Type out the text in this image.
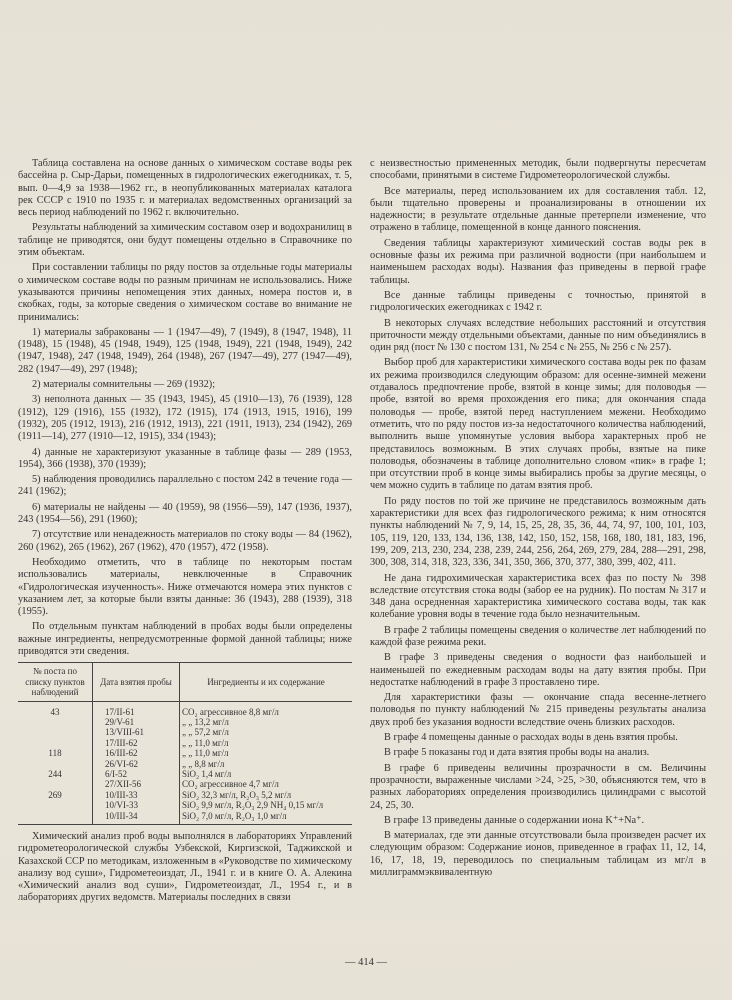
Таблица составлена на основе данных о химическом составе воды рек бассейна р. Сыр-Дарьи, помещенных в гидрологических ежегодниках, т. 5, вып. 0—4,9 за 1938—1962 гг., в неопубликованных материалах каталога рек СССР с 1910 по 1935 г. и материалах ведомственных организаций за весь период наблюдений по 1962 г. включительно.

Результаты наблюдений за химическим составом озер и водохранилищ в таблице не приводятся, они будут помещены отдельно в Справочнике по этим объектам.

При составлении таблицы по ряду постов за отдельные годы материалы о химическом составе воды по разным причинам не использовались. Ниже указываются причины непомещения этих данных, номера постов и, в скобках, годы, за которые сведения о химическом составе во внимание не принимались:

1) материалы забракованы — 1 (1947—49), 7 (1949), 8 (1947, 1948), 11 (1948), 15 (1948), 45 (1948, 1949), 125 (1948, 1949), 221 (1948, 1949), 242 (1947, 1948), 247 (1948, 1949), 264 (1948), 267 (1947—49), 277 (1947—49), 282 (1947—49), 297 (1948);

2) материалы сомнительны — 269 (1932);

3) неполнота данных — 35 (1943, 1945), 45 (1910—13), 76 (1939), 128 (1912), 129 (1916), 155 (1932), 172 (1915), 174 (1913, 1915, 1916), 199 (1932), 205 (1912, 1913), 216 (1912, 1913), 221 (1911, 1913), 234 (1942), 269 (1911—14), 277 (1910—12, 1915), 334 (1943);

4) данные не характеризуют указанные в таблице фазы — 289 (1953, 1954), 366 (1938), 370 (1939);

5) наблюдения проводились параллельно с постом 242 в течение года — 241 (1962);

6) материалы не найдены — 40 (1959), 98 (1956—59), 147 (1936, 1937), 243 (1954—56), 291 (1960);

7) отсутствие или ненадежность материалов по стоку воды — 84 (1962), 260 (1962), 265 (1962), 267 (1962), 470 (1957), 472 (1958).

Необходимо отметить, что в таблице по некоторым постам использовались материалы, невключенные в Справочник «Гидрологическая изученность». Ниже отмечаются номера этих пунктов с указанием лет, за которые были взяты данные: 36 (1943), 288 (1939), 318 (1955).

По отдельным пунктам наблюдений в пробах воды были определены важные ингредиенты, непредусмотренные формой данной таблицы; ниже приводятся эти сведения.

№ поста по списку пунктов наблюдений	Дата взятия пробы	Ингредиенты и их содержание
43	17/II-61	CO₂ агрессивное 8,8 мг/л
	29/V-61	„ „ 13,2 мг/л
	13/VIII-61	„ „ 57,2 мг/л
	17/III-62	„ „ 11,0 мг/л
118	16/III-62	„ „ 11,0 мг/л
	26/VI-62	„ „ 8,8 мг/л
244	6/I-52	SiO₂ 1,4 мг/л
	27/XII-56	CO₂ агрессивное 4,7 мг/л
269	10/III-33	SiO₂ 32,3 мг/л, R₂O₃ 5,2 мг/л
	10/VI-33	SiO₂ 9,9 мг/л, R₂O₃ 2,9 NH₄ 0,15 мг/л
	10/III-34	SiO₂ 7,0 мг/л, R₂O₃ 1,0 мг/л

Химический анализ проб воды выполнялся в лабораториях Управлений гидрометеорологической службы Узбекской, Киргизской, Таджикской и Казахской ССР по методикам, изложенным в «Руководстве по химическому анализу вод суши», Гидрометеоиздат, Л., 1941 г. и в книге О. А. Алекина «Химический анализ вод суши», Гидрометеоиздат, Л., 1954 г., и в лабораториях других ведомств. Материалы последних в связи

с неизвестностью примененных методик, были подвергнуты пересчетам способами, принятыми в системе Гидрометеорологической службы.

Все материалы, перед использованием их для составления табл. 12, были тщательно проверены и проанализированы в отношении их надежности; в результате отдельные данные претерпели изменение, что отражено в таблице, помещенной в конце данного пояснения.

Сведения таблицы характеризуют химический состав воды рек в основные фазы их режима при различной водности (при наибольшем и наименьшем расходах воды). Названия фаз приведены в первой графе таблицы.

Все данные таблицы приведены с точностью, принятой в гидрологических ежегодниках с 1942 г.

В некоторых случаях вследствие небольших расстояний и отсутствия приточности между отдельными объектами, данные по ним объединялись в один ряд (пост № 130 с постом 131, № 254 с № 255, № 256 с № 257).

Выбор проб для характеристики химического состава воды рек по фазам их режима производился следующим образом: для осенне-зимней межени отдавалось предпочтение пробе, взятой в конце зимы; для половодья — пробе, взятой во время прохождения его пика; для окончания спада половодья — пробе, взятой перед наступлением межени. Необходимо отметить, что по ряду постов из-за недостаточного количества наблюдений, выполнить выше упомянутые условия выбора характерных проб не представилось возможным. В этих случаях пробы, взятые на пике половодья, обозначены в таблице дополнительно словом «пик» в графе 1; при отсутствии проб в конце зимы выбирались пробы за другие месяцы, о чем можно судить в таблице по датам взятия проб.

По ряду постов по той же причине не представилось возможным дать характеристики для всех фаз гидрологического режима; к ним относятся пункты наблюдений № 7, 9, 14, 15, 25, 28, 35, 36, 44, 74, 97, 100, 101, 103, 105, 119, 120, 133, 134, 136, 138, 142, 150, 152, 158, 168, 180, 181, 183, 196, 199, 209, 213, 230, 234, 238, 239, 244, 256, 264, 269, 279, 284, 288—291, 298, 300, 308, 314, 318, 323, 336, 341, 350, 366, 370, 377, 380, 399, 402, 411.

Не дана гидрохимическая характеристика всех фаз по посту № 398 вследствие отсутствия стока воды (забор ее на рудник). По постам № 317 и 348 дана осредненная характеристика химического состава воды, так как колебание уровня воды в течение года было незначительным.

В графе 2 таблицы помещены сведения о количестве лет наблюдений по каждой фазе режима реки.

В графе 3 приведены сведения о водности фаз наибольшей и наименьшей по ежедневным расходам воды на дату взятия пробы. При недостатке наблюдений в графе 3 проставлено тире.

Для характеристики фазы — окончание спада весенне-летнего половодья по пункту наблюдений № 215 приведены результаты анализа двух проб без указания водности вследствие очень близких расходов.

В графе 4 помещены данные о расходах воды в день взятия пробы.

В графе 5 показаны год и дата взятия пробы воды на анализ.

В графе 6 приведены величины прозрачности в см. Величины прозрачности, выраженные числами >24, >25, >30, объясняются тем, что в разных лабораториях определения производились цилиндрами с высотой 24, 25, 30.

В графе 13 приведены данные о содержании иона K⁺+Na⁺.

В материалах, где эти данные отсутствовали была произведен расчет их следующим образом: Содержание ионов, приведенное в графах 11, 12, 14, 16, 17, 18, 19, переводилось по специальным таблицам из мг/л в миллиграммэквивалентную

— 414 —
